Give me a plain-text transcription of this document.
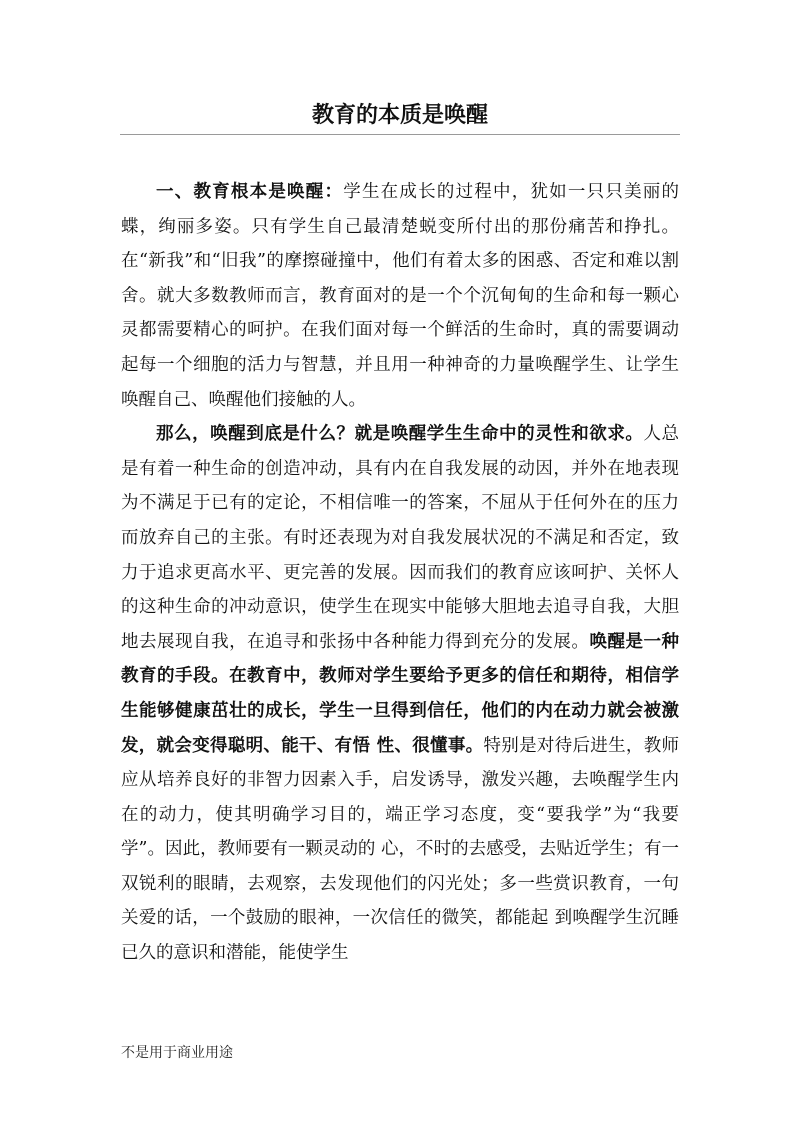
教育的本质是唤醒

一、教育根本是唤醒：学生在成长的过程中，犹如一只只美丽的蝶，绚丽多姿。只有学生自己最清楚蜕变所付出的那份痛苦和挣扎。在“新我”和“旧我”的摩擦碰撞中，他们有着太多的困惑、否定和难以割舍。就大多数教师而言，教育面对的是一个个沉甸甸的生命和每一颗心灵都需要精心的呵护。在我们面对每一个鲜活的生命时，真的需要调动起每一个细胞的活力与智慧，并且用一种神奇的力量唤醒学生、让学生唤醒自己、唤醒他们接触的人。

那么，唤醒到底是什么？就是唤醒学生生命中的灵性和欲求。人总是有着一种生命的创造冲动，具有内在自我发展的动因，并外在地表现为不满足于已有的定论，不相信唯一的答案，不屈从于任何外在的压力而放弃自己的主张。有时还表现为对自我发展状况的不满足和否定，致力于追求更高水平、更完善的发展。因而我们的教育应该呵护、关怀人的这种生命的冲动意识，使学生在现实中能够大胆地去追寻自我，大胆地去展现自我，在追寻和张扬中各种能力得到充分的发展。唤醒是一种教育的手段。在教育中，教师对学生要给予更多的信任和期待，相信学生能够健康茁壮的成长，学生一旦得到信任，他们的内在动力就会被激发，就会变得聪明、能干、有悟 性、很懂事。特别是对待后进生，教师应从培养良好的非智力因素入手，启发诱导，激发兴趣，去唤醒学生内在的动力，使其明确学习目的，端正学习态度，变“要我学”为“我要学”。因此，教师要有一颗灵动的 心，不时的去感受，去贴近学生；有一双锐利的眼睛，去观察，去发现他们的闪光处；多一些赏识教育，一句关爱的话，一个鼓励的眼神，一次信任的微笑，都能起 到唤醒学生沉睡已久的意识和潜能，能使学生

不是用于商业用途
